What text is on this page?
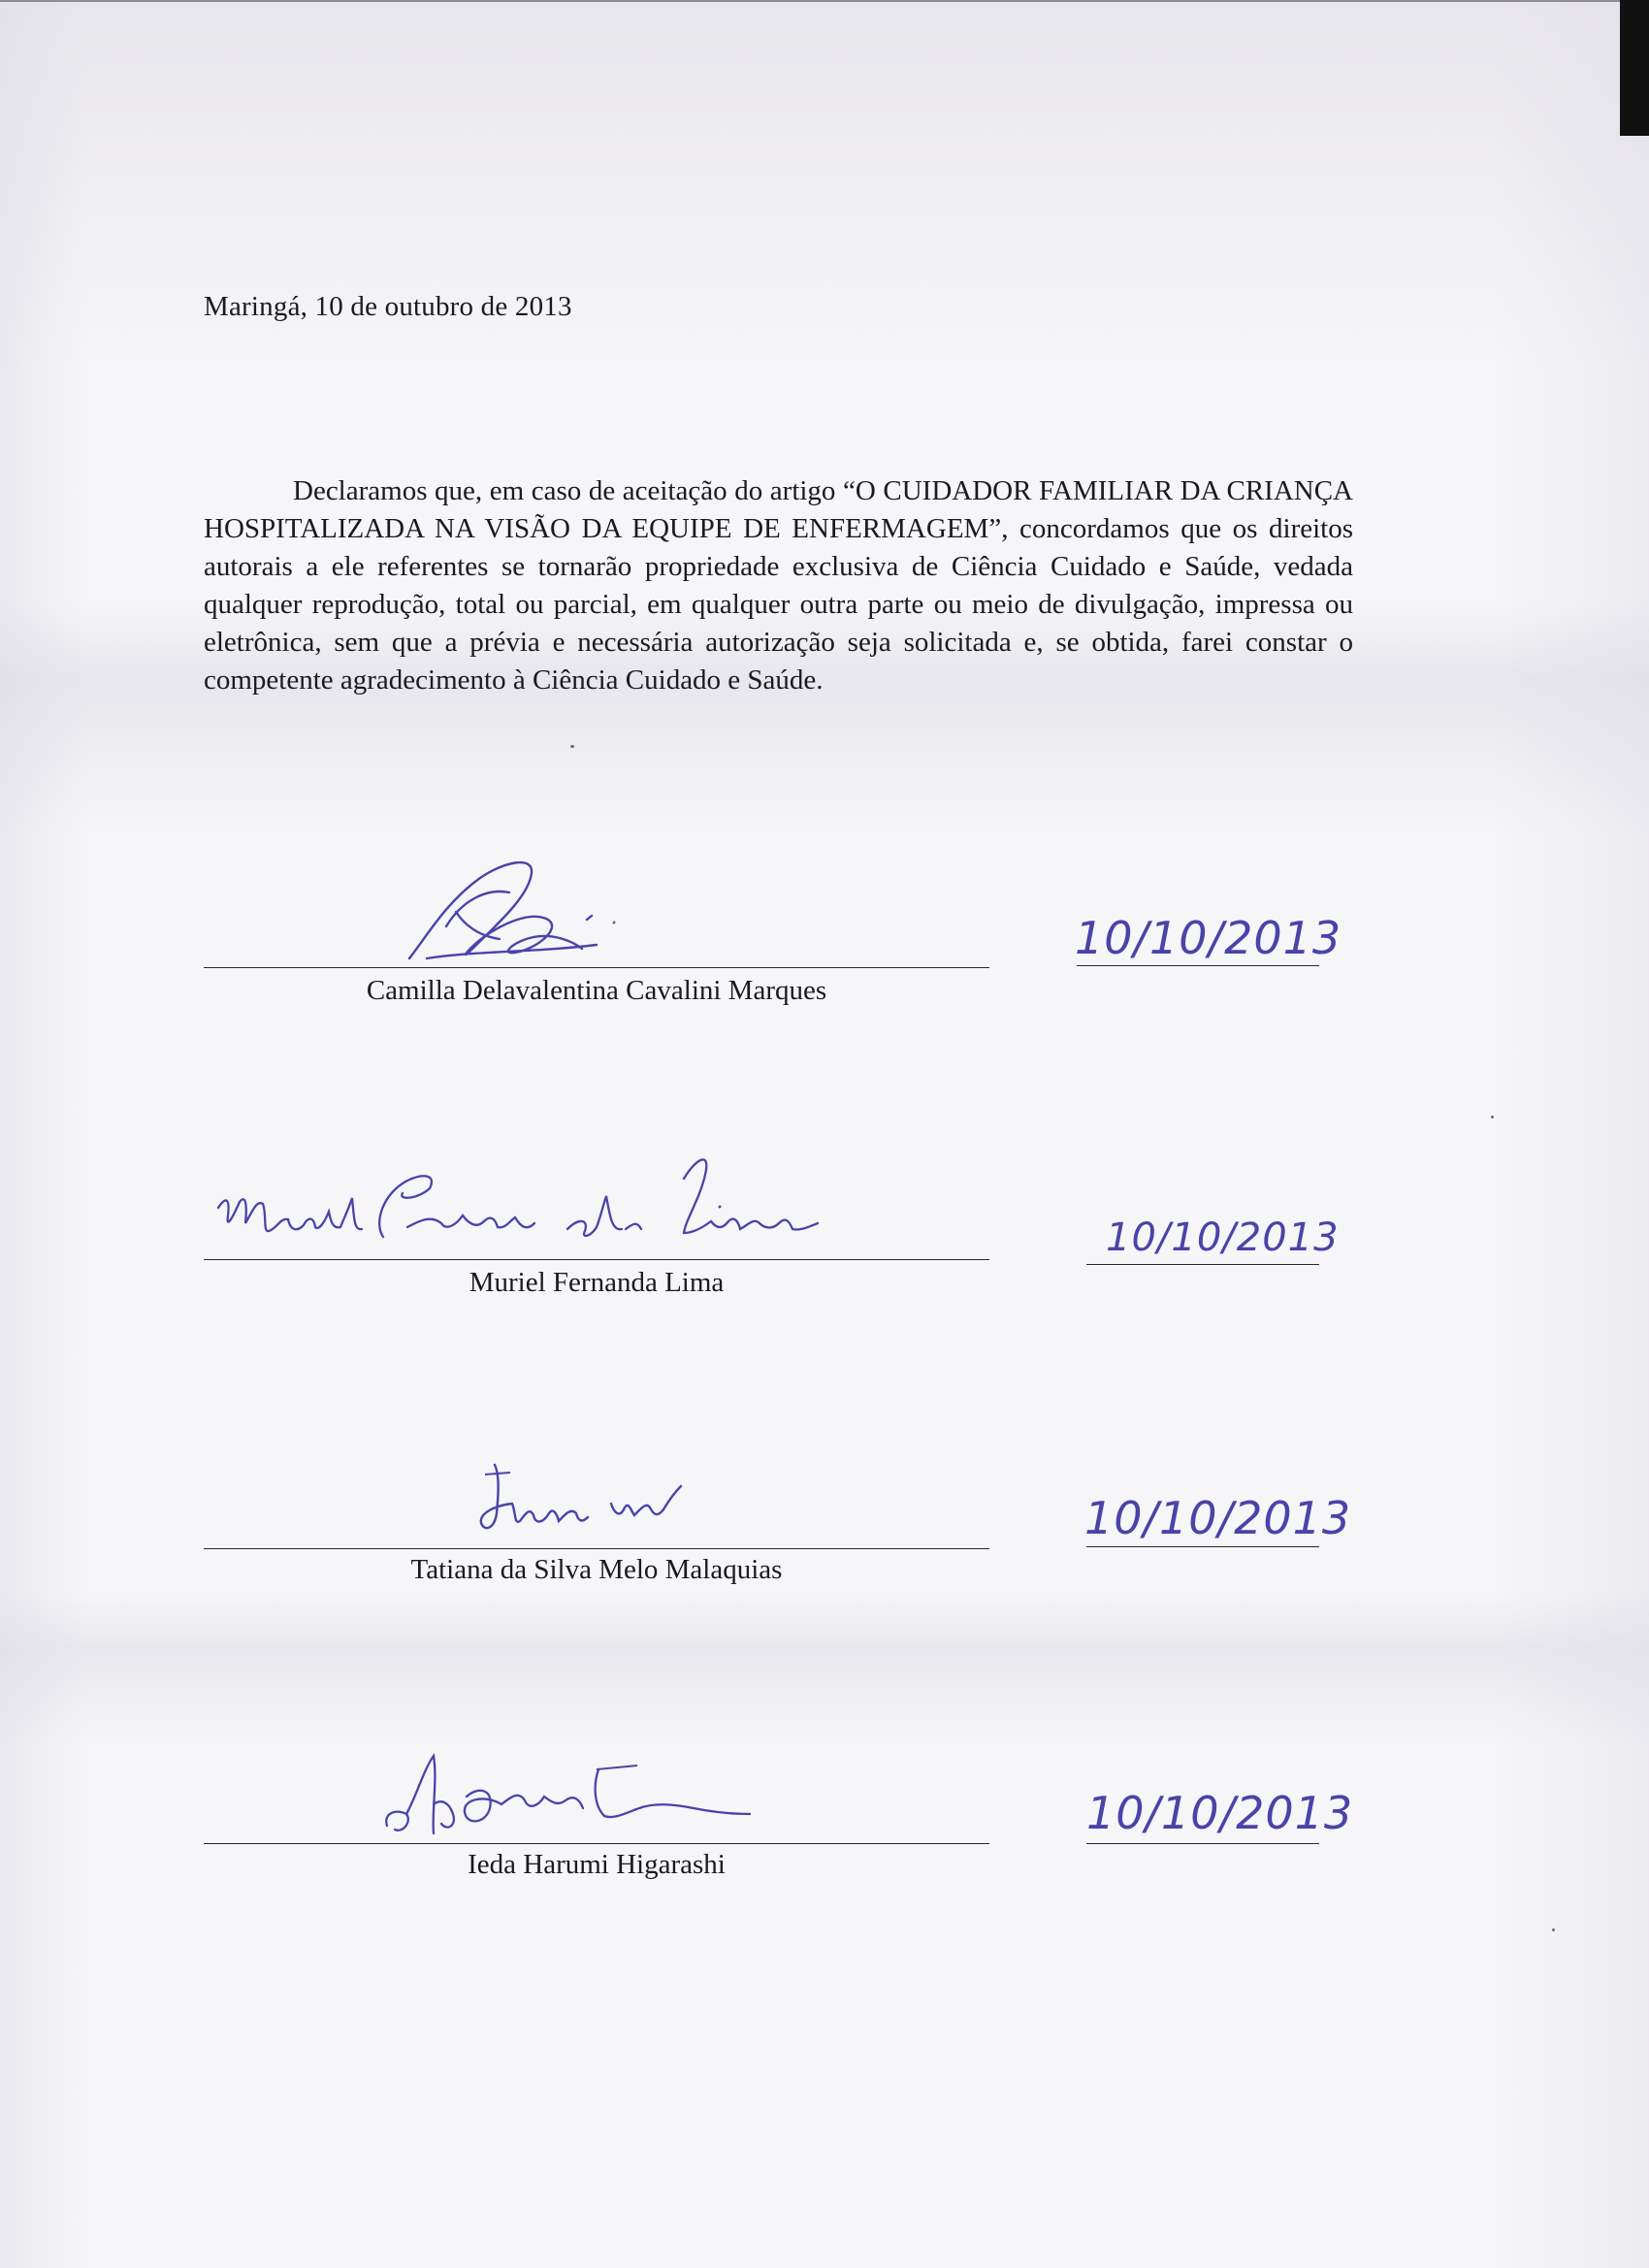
Maringá, 10 de outubro de 2013
Declaramos que, em caso de aceitação do artigo “O CUIDADOR FAMILIAR DA CRIANÇA HOSPITALIZADA NA VISÃO DA EQUIPE DE ENFERMAGEM”, concordamos que os direitos autorais a ele referentes se tornarão propriedade exclusiva de Ciência Cuidado e Saúde, vedada qualquer reprodução, total ou parcial, em qualquer outra parte ou meio de divulgação, impressa ou eletrônica, sem que a prévia e necessária autorização seja solicitada e, se obtida, farei constar o competente agradecimento à Ciência Cuidado e Saúde.
Camilla Delavalentina Cavalini Marques
10/10/2013
Muriel Fernanda Lima
10/10/2013
Tatiana da Silva Melo Malaquias
10/10/2013
Ieda Harumi Higarashi
10/10/2013
